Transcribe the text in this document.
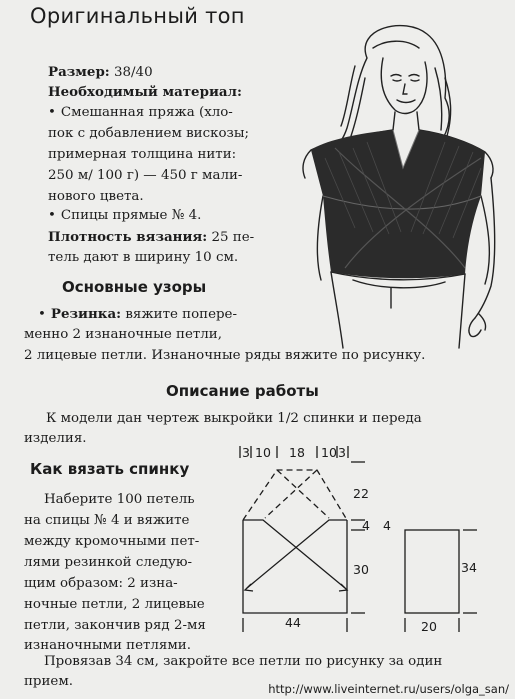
Оригинальный топ
Размер: 38/40
Необходимый материал:
• Смешанная пряжа (хло-
пок с добавлением вискозы;
примерная толщина нити:
250 м/ 100 г) — 450 г мали-
нового цвета.
• Спицы прямые № 4.
Плотность вязания: 25 пе-
тель дают в ширину 10 см.
Основные узоры
• Резинка: вяжите попере-
менно 2 изнаночные петли,
2 лицевые петли. Изнаночные ряды вяжите по рисунку.
Описание работы
К модели дан чертеж выкройки 1/2 спинки и переда
изделия.
Как вязать спинку
Наберите 100 петель
на спицы № 4 и вяжите
между кромочными пет-
лями резинкой следую-
щим образом: 2 изна-
ночные петли, 2 лицевые
петли, закончив ряд 2-мя
изнаночными петлями.
Провязав 34 см, закройте все петли по рисунку за один
прием.
3 10 18 10 3
22
4 4
30
44
34
20
http://www.liveinternet.ru/users/olga_san/
